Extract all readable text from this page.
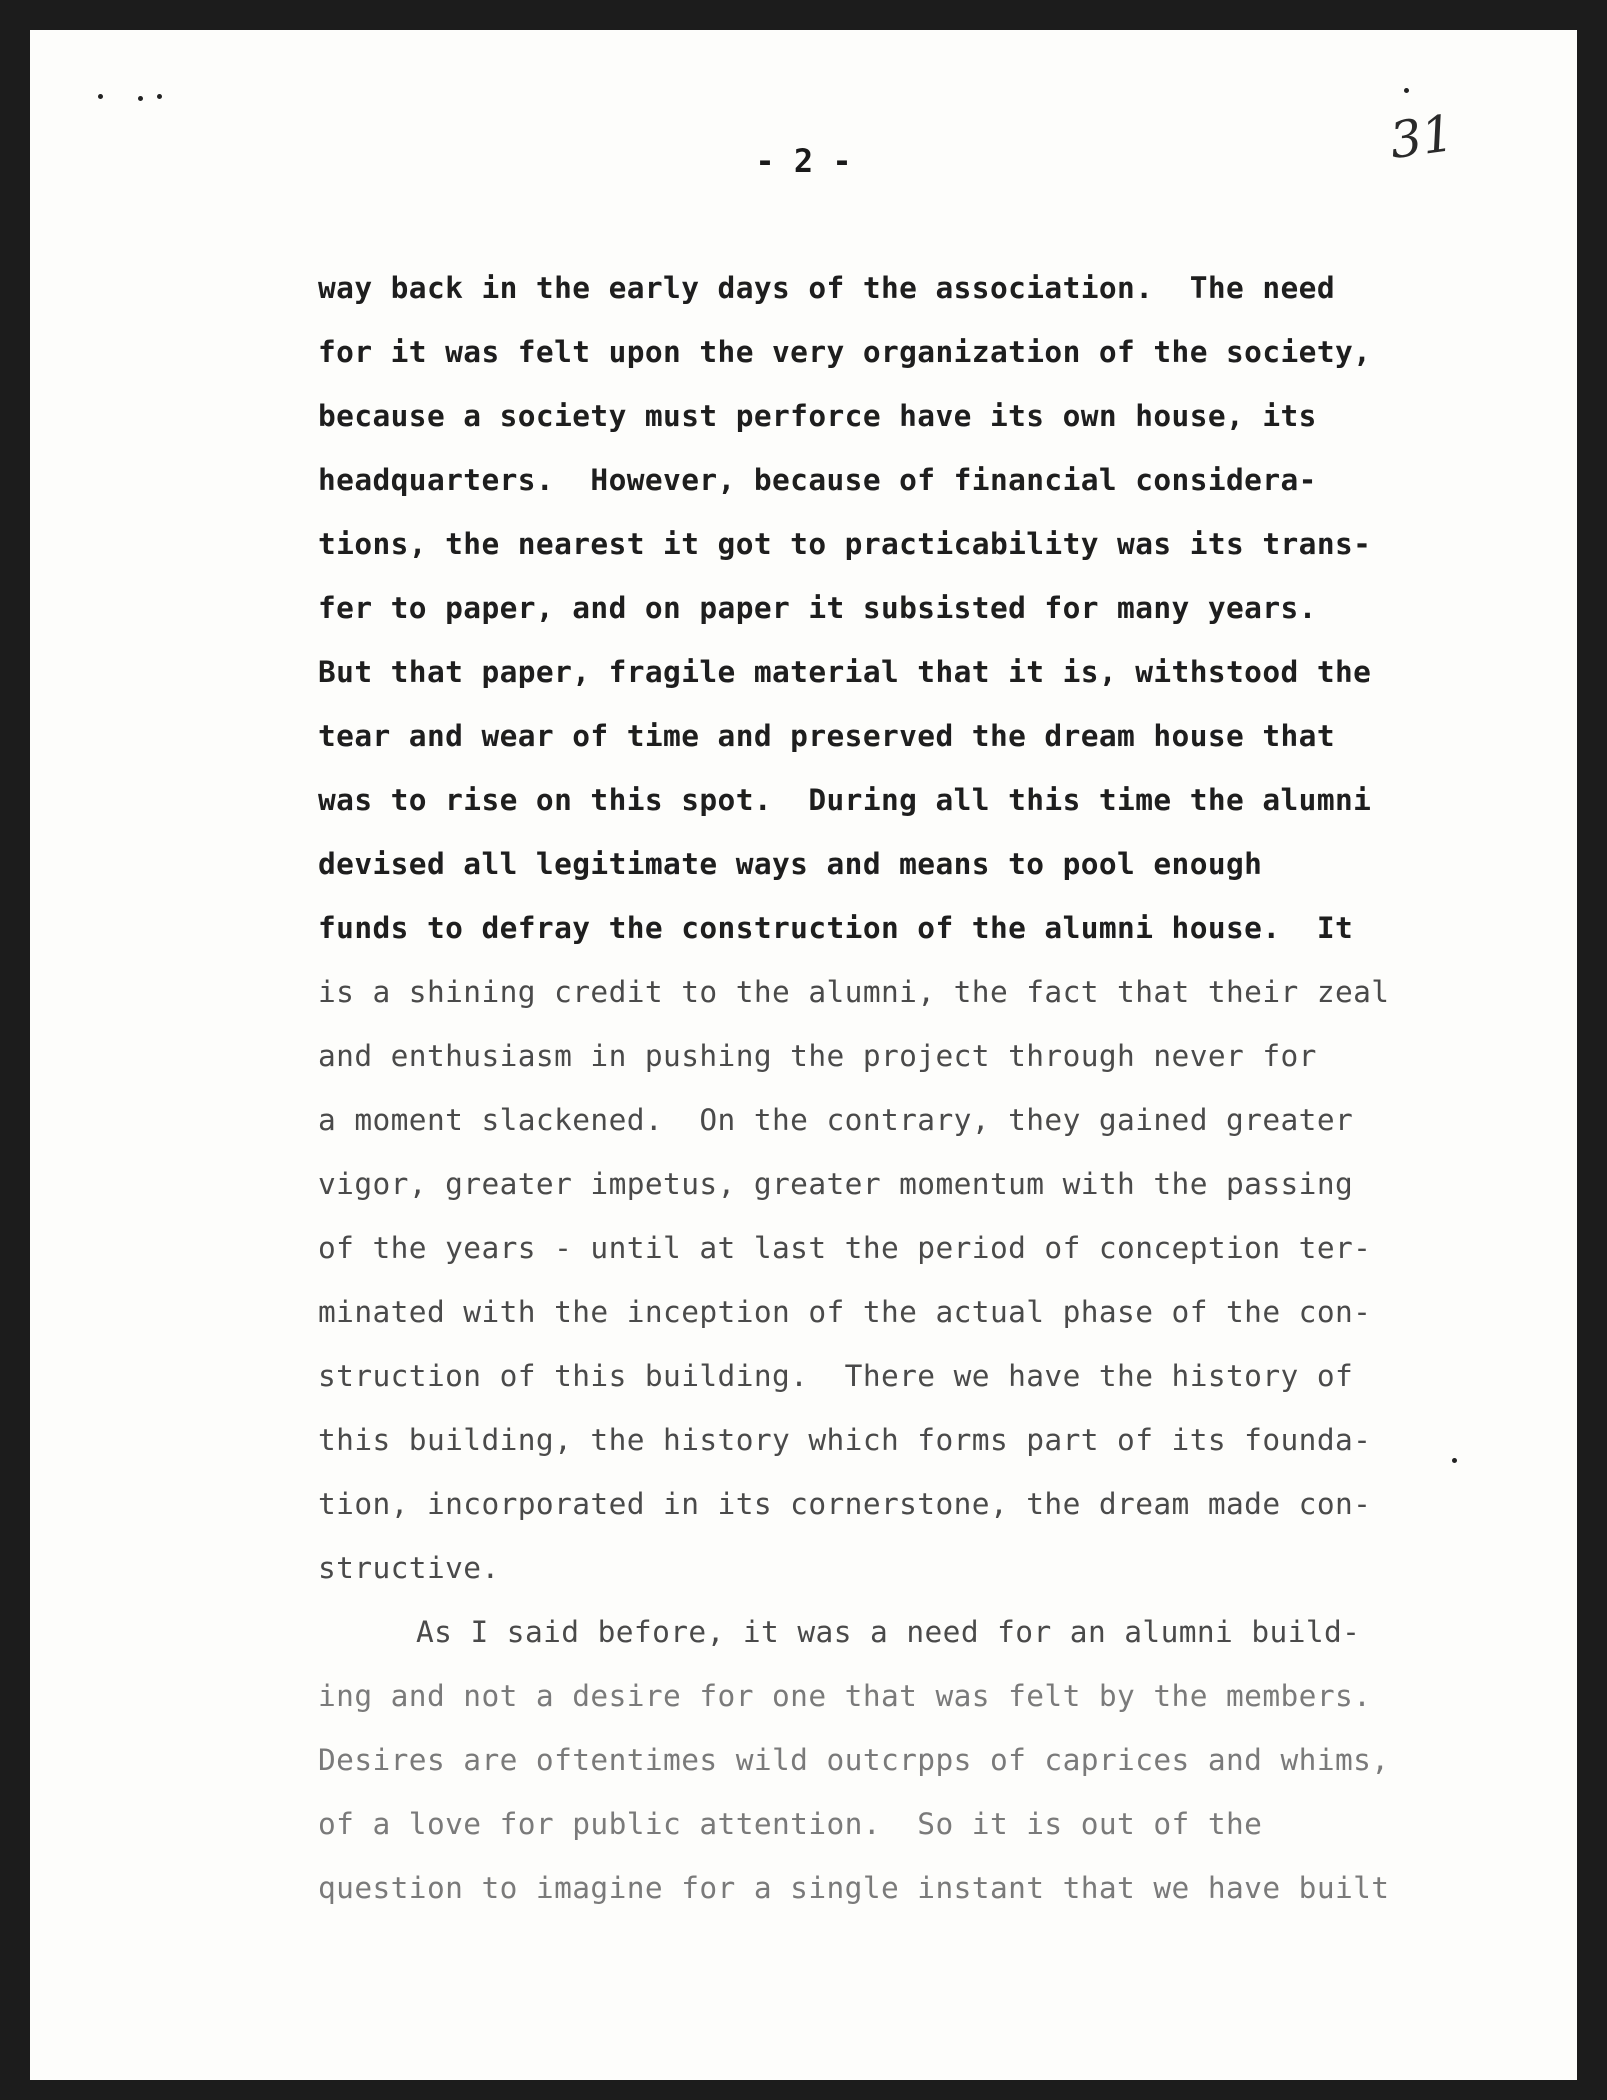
- 2 -	31

way back in the early days of the association.  The need

for it was felt upon the very organization of the society,

because a society must perforce have its own house, its

headquarters.  However, because of financial considera-

tions, the nearest it got to practicability was its trans-

fer to paper, and on paper it subsisted for many years.

But that paper, fragile material that it is, withstood the

tear and wear of time and preserved the dream house that

was to rise on this spot.  During all this time the alumni

devised all legitimate ways and means to pool enough

funds to defray the construction of the alumni house.  It

is a shining credit to the alumni, the fact that their zeal

and enthusiasm in pushing the project through never for

a moment slackened.  On the contrary, they gained greater

vigor, greater impetus, greater momentum with the passing

of the years - until at last the period of conception ter-

minated with the inception of the actual phase of the con-

struction of this building.  There we have the history of

this building, the history which forms part of its founda-

tion, incorporated in its cornerstone, the dream made con-

structive.

As I said before, it was a need for an alumni build-

ing and not a desire for one that was felt by the members.

Desires are oftentimes wild outcrpps of caprices and whims,

of a love for public attention.  So it is out of the

question to imagine for a single instant that we have built
